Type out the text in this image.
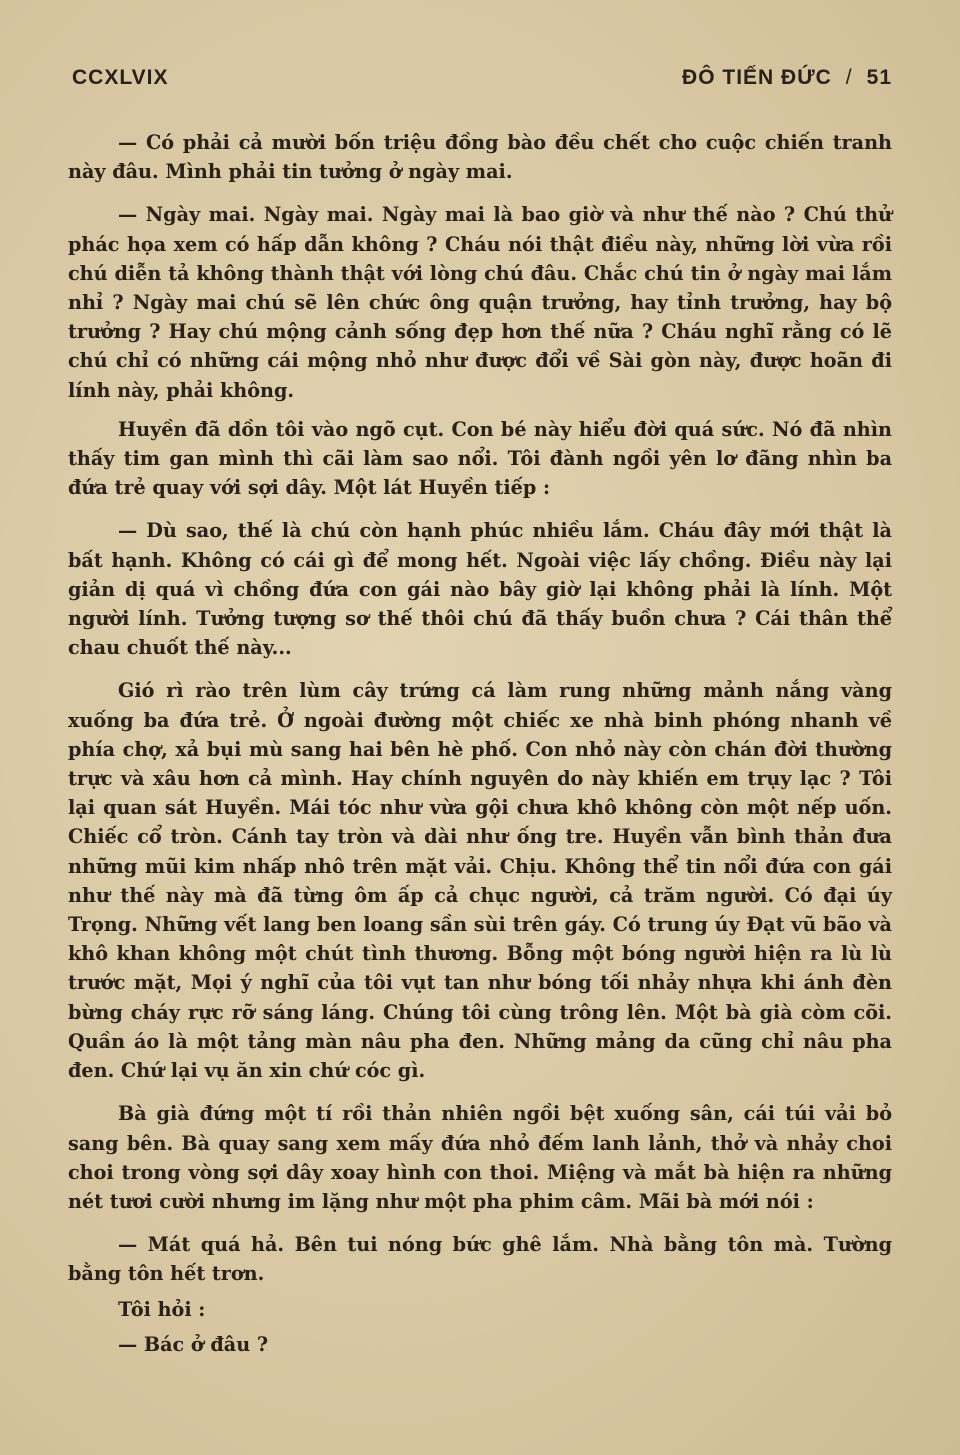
CCXLVIX	ĐÔ TIẾN ĐỨC / 51

— Có phải cả mười bốn triệu đồng bào đều chết cho cuộc chiến tranh này đâu. Mình phải tin tưởng ở ngày mai.

— Ngày mai. Ngày mai. Ngày mai là bao giờ và như thế nào ? Chú thử phác họa xem có hấp dẫn không ? Cháu nói thật điều này, những lời vừa rồi chú diễn tả không thành thật với lòng chú đâu. Chắc chú tin ở ngày mai lắm nhỉ ? Ngày mai chú sẽ lên chức ông quận trưởng, hay tỉnh trưởng, hay bộ trưởng ? Hay chú mộng cảnh sống đẹp hơn thế nữa ? Cháu nghĩ rằng có lẽ chú chỉ có những cái mộng nhỏ như được đổi về Sài gòn này, được hoãn đi lính này, phải không.

Huyền đã dồn tôi vào ngõ cụt. Con bé này hiểu đời quá sức. Nó đã nhìn thấy tim gan mình thì cãi làm sao nổi. Tôi đành ngồi yên lơ đãng nhìn ba đứa trẻ quay với sợi dây. Một lát Huyền tiếp :

— Dù sao, thế là chú còn hạnh phúc nhiều lắm. Cháu đây mới thật là bất hạnh. Không có cái gì để mong hết. Ngoài việc lấy chồng. Điều này lại giản dị quá vì chồng đứa con gái nào bây giờ lại không phải là lính. Một người lính. Tưởng tượng sơ thế thôi chú đã thấy buồn chưa ? Cái thân thể chau chuốt thế này...

Gió rì rào trên lùm cây trứng cá làm rung những mảnh nắng vàng xuống ba đứa trẻ. Ở ngoài đường một chiếc xe nhà binh phóng nhanh về phía chợ, xả bụi mù sang hai bên hè phố. Con nhỏ này còn chán đời thường trực và xâu hơn cả mình. Hay chính nguyên do này khiến em trụy lạc ? Tôi lại quan sát Huyền. Mái tóc như vừa gội chưa khô không còn một nếp uốn. Chiếc cổ tròn. Cánh tay tròn và dài như ống tre. Huyền vẫn bình thản đưa những mũi kim nhấp nhô trên mặt vải. Chịu. Không thể tin nổi đứa con gái như thế này mà đã từng ôm ấp cả chục người, cả trăm người. Có đại úy Trọng. Những vết lang ben loang sần sùi trên gáy. Có trung úy Đạt vũ bão và khô khan không một chút tình thương. Bỗng một bóng người hiện ra lù lù trước mặt, Mọi ý nghĩ của tôi vụt tan như bóng tối nhảy nhựa khi ánh đèn bừng cháy rực rỡ sáng láng. Chúng tôi cùng trông lên. Một bà già còm cõi. Quần áo là một tảng màn nâu pha đen. Những mảng da cũng chỉ nâu pha đen. Chứ lại vụ ăn xin chứ cóc gì.

Bà già đứng một tí rồi thản nhiên ngồi bệt xuống sân, cái túi vải bỏ sang bên. Bà quay sang xem mấy đứa nhỏ đếm lanh lảnh, thở và nhảy choi choi trong vòng sợi dây xoay hình con thoi. Miệng và mắt bà hiện ra những nét tươi cười nhưng im lặng như một pha phim câm. Mãi bà mới nói :

— Mát quá hả. Bên tui nóng bức ghê lắm. Nhà bằng tôn mà. Tường bằng tôn hết trơn.

Tôi hỏi :

— Bác ở đâu ?
